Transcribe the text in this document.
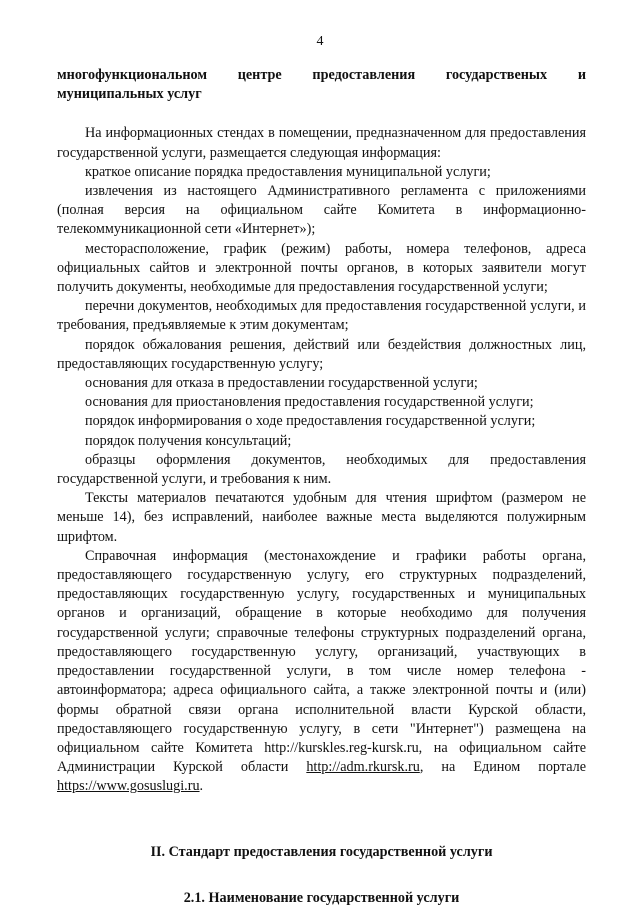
4

многофункциональном центре предоставления государственых и муниципальных услуг

На информационных стендах в помещении, предназначенном для предоставления государственной услуги, размещается следующая информация:

краткое описание порядка предоставления муниципальной услуги;

извлечения из настоящего Административного регламента с приложениями (полная версия на официальном сайте Комитета в информационно-телекоммуникационной сети «Интернет»);

месторасположение, график (режим) работы, номера телефонов, адреса официальных сайтов и электронной почты органов, в которых заявители могут получить документы, необходимые для предоставления государственной услуги;

перечни документов, необходимых для предоставления государственной услуги, и требования, предъявляемые к этим документам;

порядок обжалования решения, действий или бездействия должностных лиц, предоставляющих государственную услугу;

основания для отказа в предоставлении государственной услуги;

основания для приостановления предоставления государственной услуги;

порядок информирования о ходе предоставления государственной услуги;

порядок получения консультаций;

образцы оформления документов, необходимых для предоставления государственной услуги, и требования к ним.

Тексты материалов печатаются удобным для чтения шрифтом (размером не меньше 14), без исправлений, наиболее важные места выделяются полужирным шрифтом.

Справочная информация (местонахождение и графики работы органа, предоставляющего государственную услугу, его структурных подразделений, предоставляющих государственную услугу, государственных и муниципальных органов и организаций, обращение в которые необходимо для получения государственной услуги; справочные телефоны структурных подразделений органа, предоставляющего государственную услугу, организаций, участвующих в предоставлении государственной услуги, в том числе номер телефона - автоинформатора; адреса официального сайта, а также электронной почты и (или) формы обратной связи органа исполнительной власти Курской области, предоставляющего государственную услугу, в сети "Интернет") размещена на официальном сайте Комитета http://kurskles.reg-kursk.ru, на официальном сайте Администрации Курской области http://adm.rkursk.ru, на Едином портале https://www.gosuslugi.ru.

II. Стандарт предоставления государственной услуги

2.1. Наименование государственной услуги
